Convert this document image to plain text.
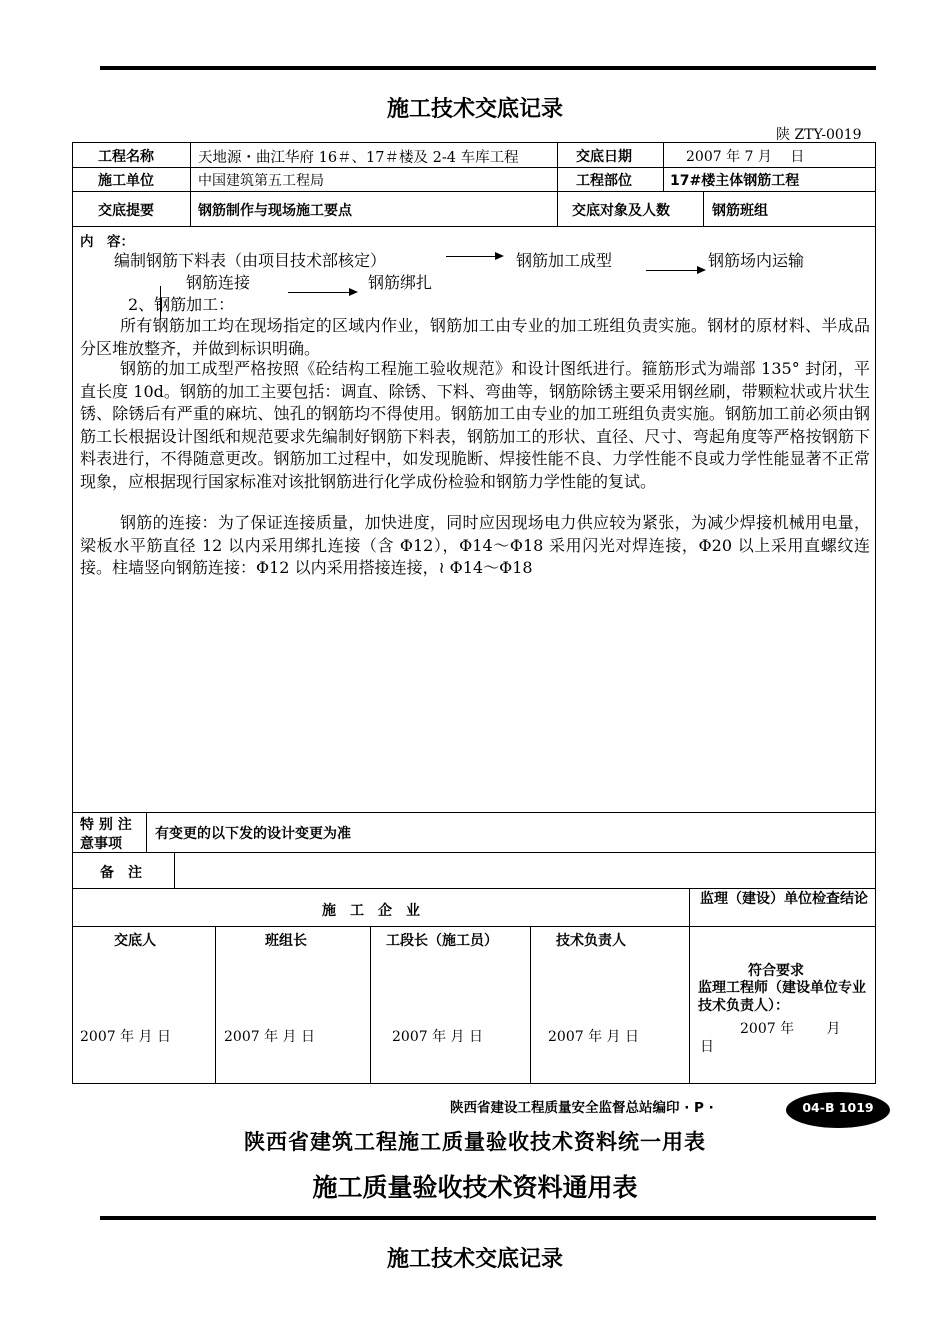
施工技术交底记录
陕 ZTY-0019
工程名称	天地源・曲江华府 16＃、17＃楼及 2-4 车库工程	交底日期	2007 年 7 月　 日
施工单位	中国建筑第五工程局	工程部位	17#楼主体钢筋工程
交底提要	钢筋制作与现场施工要点	交底对象及人数	钢筋班组
内　容：
编制钢筋下料表（由项目技术部核定）	钢筋加工成型	钢筋场内运输
钢筋连接	钢筋绑扎
2、钢筋加工：
所有钢筋加工均在现场指定的区域内作业，钢筋加工由专业的加工班组负责实施。钢材的原材料、半成品分区堆放整齐，并做到标识明确。
钢筋的加工成型严格按照《砼结构工程施工验收规范》和设计图纸进行。箍筋形式为端部 135° 封闭，平直长度 10d。钢筋的加工主要包括：调直、除锈、下料、弯曲等，钢筋除锈主要采用钢丝刷，带颗粒状或片状生锈、除锈后有严重的麻坑、蚀孔的钢筋均不得使用。钢筋加工由专业的加工班组负责实施。钢筋加工前必须由钢筋工长根据设计图纸和规范要求先编制好钢筋下料表，钢筋加工的形状、直径、尺寸、弯起角度等严格按钢筋下料表进行，不得随意更改。钢筋加工过程中，如发现脆断、焊接性能不良、力学性能不良或力学性能显著不正常现象，应根据现行国家标准对该批钢筋进行化学成份检验和钢筋力学性能的复试。
钢筋的连接：为了保证连接质量，加快进度，同时应因现场电力供应较为紧张，为减少焊接机械用电量，梁板水平筋直径 12 以内采用绑扎连接（含 Φ12），Φ14～Φ18 采用闪光对焊连接，Φ20 以上采用直螺纹连接。柱墙竖向钢筋连接：Φ12 以内采用搭接连接，≀ Φ14～Φ18
特 别 注
意事项
有变更的以下发的设计变更为准
备　注
施　工　企　业
监理（建设）单位检查结论
交底人	班组长	工段长（施工员）	技术负责人
2007 年 月 日	2007 年 月 日	2007 年 月 日	2007 年 月 日
符合要求
监理工程师（建设单位专业技术负责人）：
2007 年　　 月
日
陕西省建设工程质量安全监督总站编印 · P ·	04-B 1019
陕西省建筑工程施工质量验收技术资料统一用表
施工质量验收技术资料通用表
施工技术交底记录
